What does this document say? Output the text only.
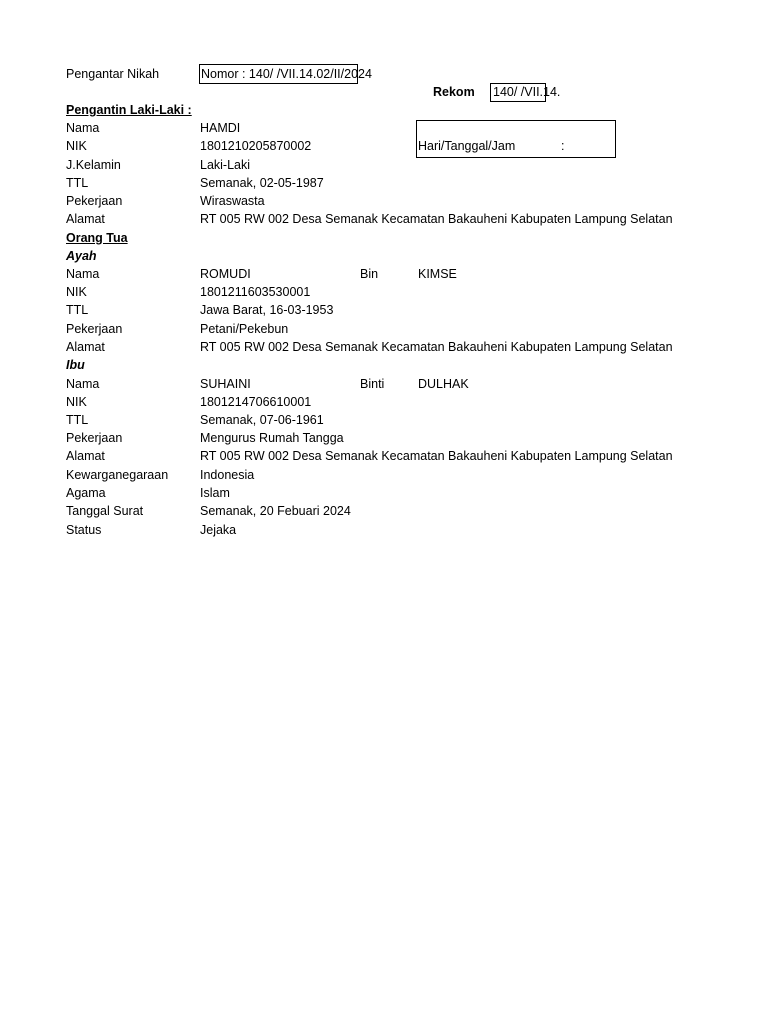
Pengantar Nikah	Nomor : 140/ /VII.14.02/II/2024
Rekom 140/ /VII.14.
Hari/Tanggal/Jam	:
Pengantin Laki-Laki :
Nama	HAMDI
NIK	1801210205870002
J.Kelamin	Laki-Laki
TTL	Semanak, 02-05-1987
Pekerjaan	Wiraswasta
Alamat	RT 005 RW 002 Desa Semanak Kecamatan Bakauheni Kabupaten Lampung Selatan
Orang Tua
Ayah
Nama	ROMUDI	Bin	KIMSE
NIK	1801211603530001
TTL	Jawa Barat, 16-03-1953
Pekerjaan	Petani/Pekebun
Alamat	RT 005 RW 002 Desa Semanak Kecamatan Bakauheni Kabupaten Lampung Selatan
Ibu
Nama	SUHAINI	Binti	DULHAK
NIK	1801214706610001
TTL	Semanak, 07-06-1961
Pekerjaan	Mengurus Rumah Tangga
Alamat	RT 005 RW 002 Desa Semanak Kecamatan Bakauheni Kabupaten Lampung Selatan
Kewarganegaraan	Indonesia
Agama	Islam
Tanggal Surat	Semanak, 20 Febuari 2024
Status	Jejaka
